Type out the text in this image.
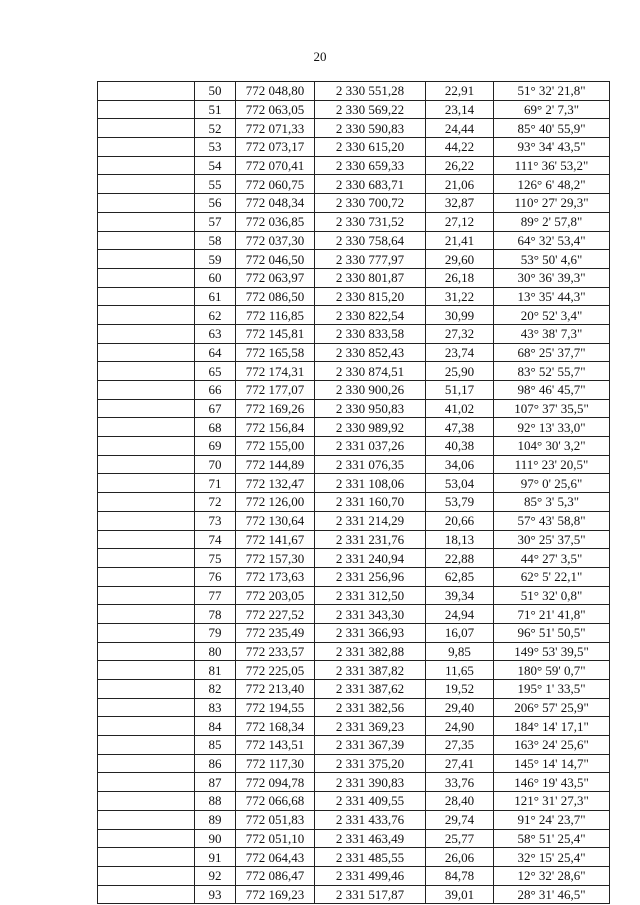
20
	50	772 048,80	2 330 551,28	22,91	51° 32' 21,8"
	51	772 063,05	2 330 569,22	23,14	69° 2' 7,3"
	52	772 071,33	2 330 590,83	24,44	85° 40' 55,9"
	53	772 073,17	2 330 615,20	44,22	93° 34' 43,5"
	54	772 070,41	2 330 659,33	26,22	111° 36' 53,2"
	55	772 060,75	2 330 683,71	21,06	126° 6' 48,2"
	56	772 048,34	2 330 700,72	32,87	110° 27' 29,3"
	57	772 036,85	2 330 731,52	27,12	89° 2' 57,8"
	58	772 037,30	2 330 758,64	21,41	64° 32' 53,4"
	59	772 046,50	2 330 777,97	29,60	53° 50' 4,6"
	60	772 063,97	2 330 801,87	26,18	30° 36' 39,3"
	61	772 086,50	2 330 815,20	31,22	13° 35' 44,3"
	62	772 116,85	2 330 822,54	30,99	20° 52' 3,4"
	63	772 145,81	2 330 833,58	27,32	43° 38' 7,3"
	64	772 165,58	2 330 852,43	23,74	68° 25' 37,7"
	65	772 174,31	2 330 874,51	25,90	83° 52' 55,7"
	66	772 177,07	2 330 900,26	51,17	98° 46' 45,7"
	67	772 169,26	2 330 950,83	41,02	107° 37' 35,5"
	68	772 156,84	2 330 989,92	47,38	92° 13' 33,0"
	69	772 155,00	2 331 037,26	40,38	104° 30' 3,2"
	70	772 144,89	2 331 076,35	34,06	111° 23' 20,5"
	71	772 132,47	2 331 108,06	53,04	97° 0' 25,6"
	72	772 126,00	2 331 160,70	53,79	85° 3' 5,3"
	73	772 130,64	2 331 214,29	20,66	57° 43' 58,8"
	74	772 141,67	2 331 231,76	18,13	30° 25' 37,5"
	75	772 157,30	2 331 240,94	22,88	44° 27' 3,5"
	76	772 173,63	2 331 256,96	62,85	62° 5' 22,1"
	77	772 203,05	2 331 312,50	39,34	51° 32' 0,8"
	78	772 227,52	2 331 343,30	24,94	71° 21' 41,8"
	79	772 235,49	2 331 366,93	16,07	96° 51' 50,5"
	80	772 233,57	2 331 382,88	9,85	149° 53' 39,5"
	81	772 225,05	2 331 387,82	11,65	180° 59' 0,7"
	82	772 213,40	2 331 387,62	19,52	195° 1' 33,5"
	83	772 194,55	2 331 382,56	29,40	206° 57' 25,9"
	84	772 168,34	2 331 369,23	24,90	184° 14' 17,1"
	85	772 143,51	2 331 367,39	27,35	163° 24' 25,6"
	86	772 117,30	2 331 375,20	27,41	145° 14' 14,7"
	87	772 094,78	2 331 390,83	33,76	146° 19' 43,5"
	88	772 066,68	2 331 409,55	28,40	121° 31' 27,3"
	89	772 051,83	2 331 433,76	29,74	91° 24' 23,7"
	90	772 051,10	2 331 463,49	25,77	58° 51' 25,4"
	91	772 064,43	2 331 485,55	26,06	32° 15' 25,4"
	92	772 086,47	2 331 499,46	84,78	12° 32' 28,6"
	93	772 169,23	2 331 517,87	39,01	28° 31' 46,5"
